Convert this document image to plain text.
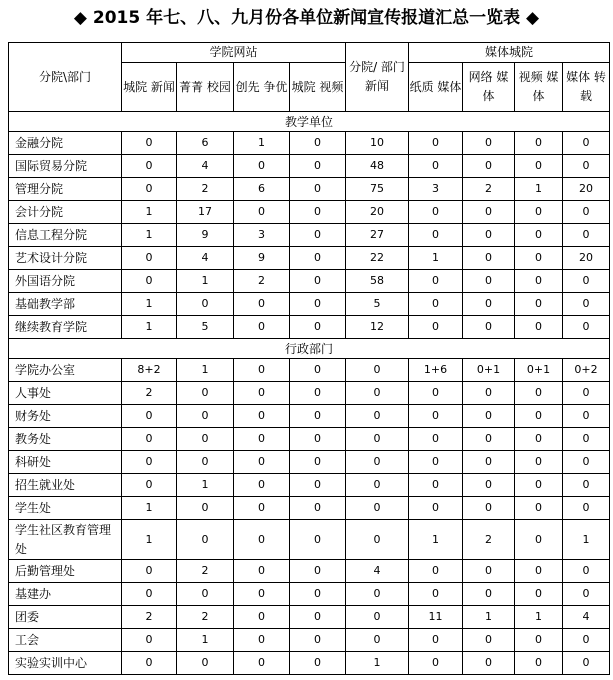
◆ 2015 年七、八、九月份各单位新闻宣传报道汇总一览表 ◆
分院\部门	学院网站				分院/ 部门 新闻	媒体城院			
	城院 新闻	菁菁 校园	创先 争优	城院 视频		纸质 媒体	网络 媒体	视频 媒体	媒体 转载
教学单位									
金融分院	0	6	1	0	10	0	0	0	0
国际贸易分院	0	4	0	0	48	0	0	0	0
管理分院	0	2	6	0	75	3	2	1	20
会计分院	1	17	0	0	20	0	0	0	0
信息工程分院	1	9	3	0	27	0	0	0	0
艺术设计分院	0	4	9	0	22	1	0	0	20
外国语分院	0	1	2	0	58	0	0	0	0
基础教学部	1	0	0	0	5	0	0	0	0
继续教育学院	1	5	0	0	12	0	0	0	0
行政部门									
学院办公室	8+2	1	0	0	0	1+6	0+1	0+1	0+2
人事处	2	0	0	0	0	0	0	0	0
财务处	0	0	0	0	0	0	0	0	0
教务处	0	0	0	0	0	0	0	0	0
科研处	0	0	0	0	0	0	0	0	0
招生就业处	0	1	0	0	0	0	0	0	0
学生处	1	0	0	0	0	0	0	0	0
学生社区教育管理处	1	0	0	0	0	1	2	0	1
后勤管理处	0	2	0	0	4	0	0	0	0
基建办	0	0	0	0	0	0	0	0	0
团委	2	2	0	0	0	11	1	1	4
工会	0	1	0	0	0	0	0	0	0
实验实训中心	0	0	0	0	1	0	0	0	0
